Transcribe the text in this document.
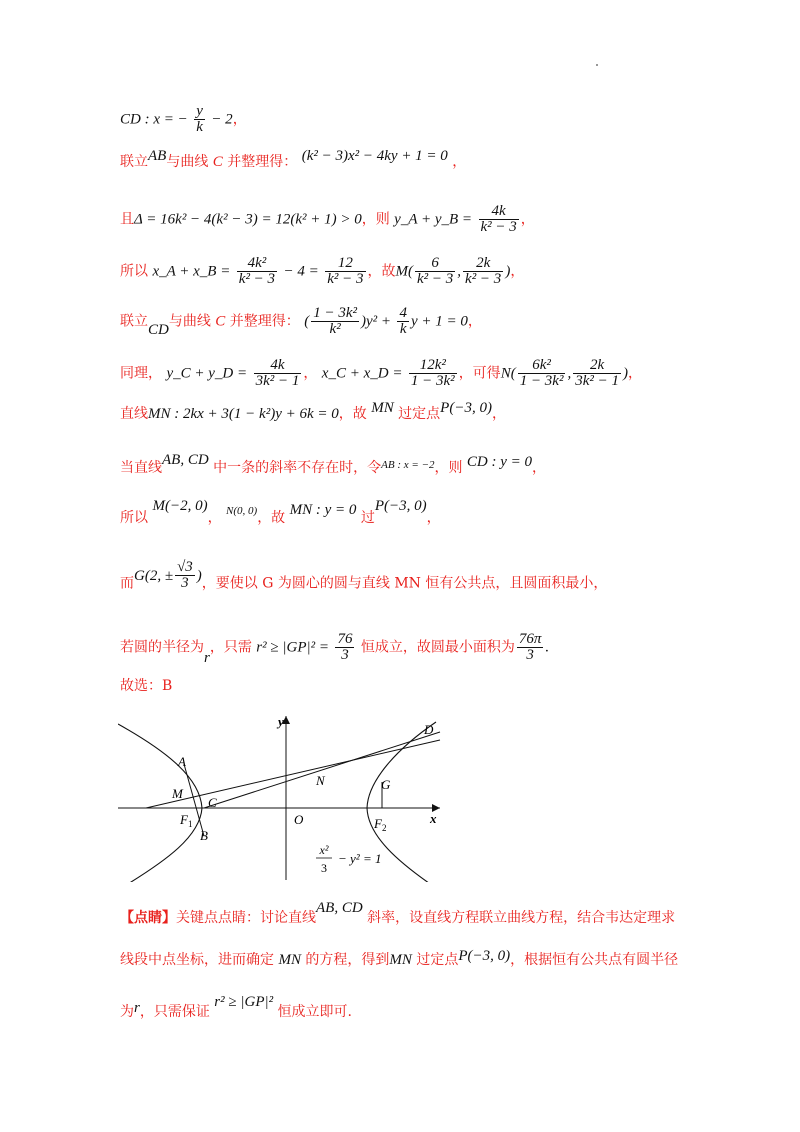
CD : x = − $\frac{y}{k} - 2$，
联立AB与曲线 C 并整理得： (k² − 3)x² − 4ky + 1 = 0 ，
且Δ = 16k² − 4(k² − 3) = 12(k² + 1) > 0，则 y_A + y_B = $\frac{4k}{\text{k² − 3}}$ ，
所以 x_A + x_B = $\frac{\text{4k²}}{\text{k² − 3}} - 4 = \frac{12}{\text{k² − 3}}$ ，故$M( \frac{6}{\text{k² − 3}}$ , $\frac{2k}{\text{k² − 3}}$ )，
联立CD与曲线 C 并整理得： ( $\frac{\text{1 − 3k²}}{\text{k²}} )y^2 + \frac{4}{k}$ y + 1 = 0，
同理， y_C + y_D = $\frac{4k}{\text{3k² − 1}}$ ， x_C + x_D = $\frac{\text{12k²}}{\text{1 − 3k²}}$ ，可得$N( \frac{\text{6k²}}{\text{1 − 3k²}}$ , $\frac{2k}{\text{3k² − 1}}$ )，
直线MN : 2kx + 3(1 − k²)y + 6k = 0，故 MN 过定点P(−3, 0)，
当直线AB, CD 中一条的斜率不存在时，令$^{AB : x = -2}$，则 CD : y = 0，
所以 M(−2, 0)， $^{N(0, 0)}$，故 MN : y = 0 过P(−3, 0)，
而G(2, ± $\frac{√3}{3}$ )，要使以 G 为圆心的圆与直线 MN 恒有公共点，且圆面积最小，
若圆的半径为r，只需 $r^2 \ge |GP|^2 = \frac{76}{3}$ 恒成立，故圆最小面积为 $\frac{76\pi}{3}$ .
故选：B
y
x
O
A
B
C
D
M
N	G
$F_1$	$F_2$
x²
3
− y² = 1
【点睛】关键点点睛：讨论直线AB, CD 斜率，设直线方程联立曲线方程，结合韦达定理求
线段中点坐标，进而确定 MN 的方程，得到MN 过定点P(−3, 0)，根据恒有公共点有圆半径
为r，只需保证 r² ≥ |GP|² 恒成立即可.
